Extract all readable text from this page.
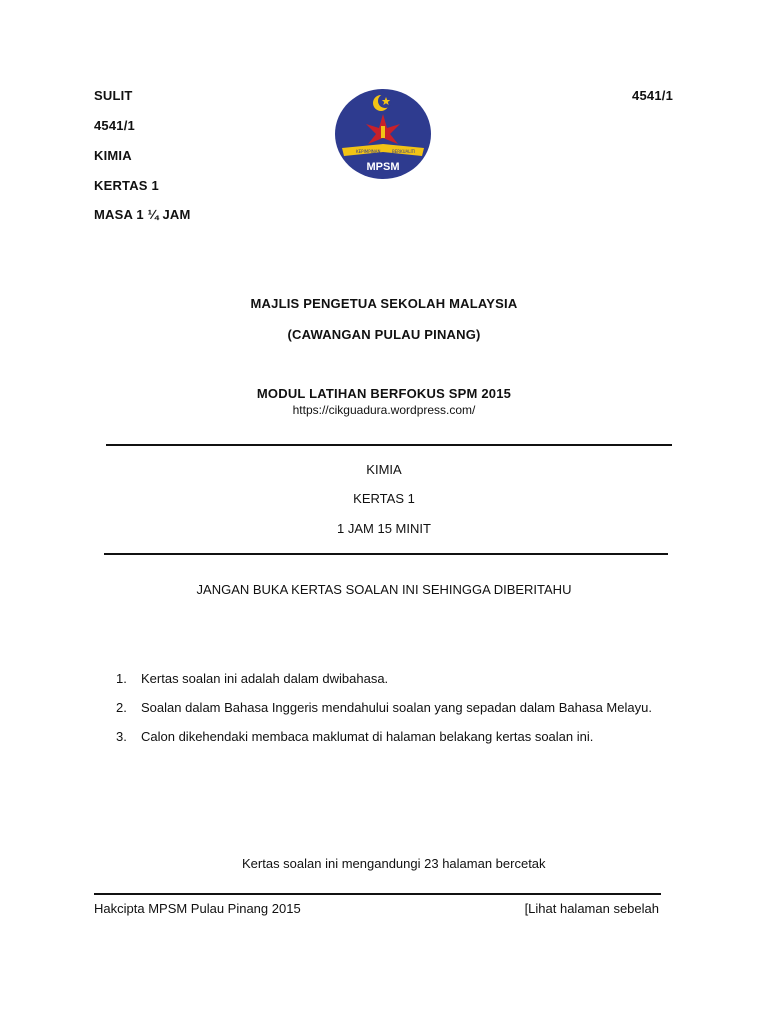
SULIT
4541/1
KIMIA
KERTAS 1
MASA 1 ¼ JAM
4541/1
KEPIMPINAN	BERKUALITI
MPSM
MAJLIS PENGETUA SEKOLAH MALAYSIA
(CAWANGAN PULAU PINANG)
MODUL LATIHAN BERFOKUS SPM 2015
https://cikguadura.wordpress.com/
KIMIA
KERTAS 1
1 JAM 15 MINIT
JANGAN BUKA KERTAS SOALAN INI SEHINGGA DIBERITAHU
1.	Kertas soalan ini adalah dalam dwibahasa.
2.	Soalan dalam Bahasa Inggeris mendahului soalan yang sepadan dalam Bahasa Melayu.
3.	Calon dikehendaki membaca maklumat di halaman belakang kertas soalan ini.
Kertas soalan ini mengandungi 23 halaman bercetak
Hakcipta MPSM Pulau Pinang 2015	[Lihat halaman sebelah
